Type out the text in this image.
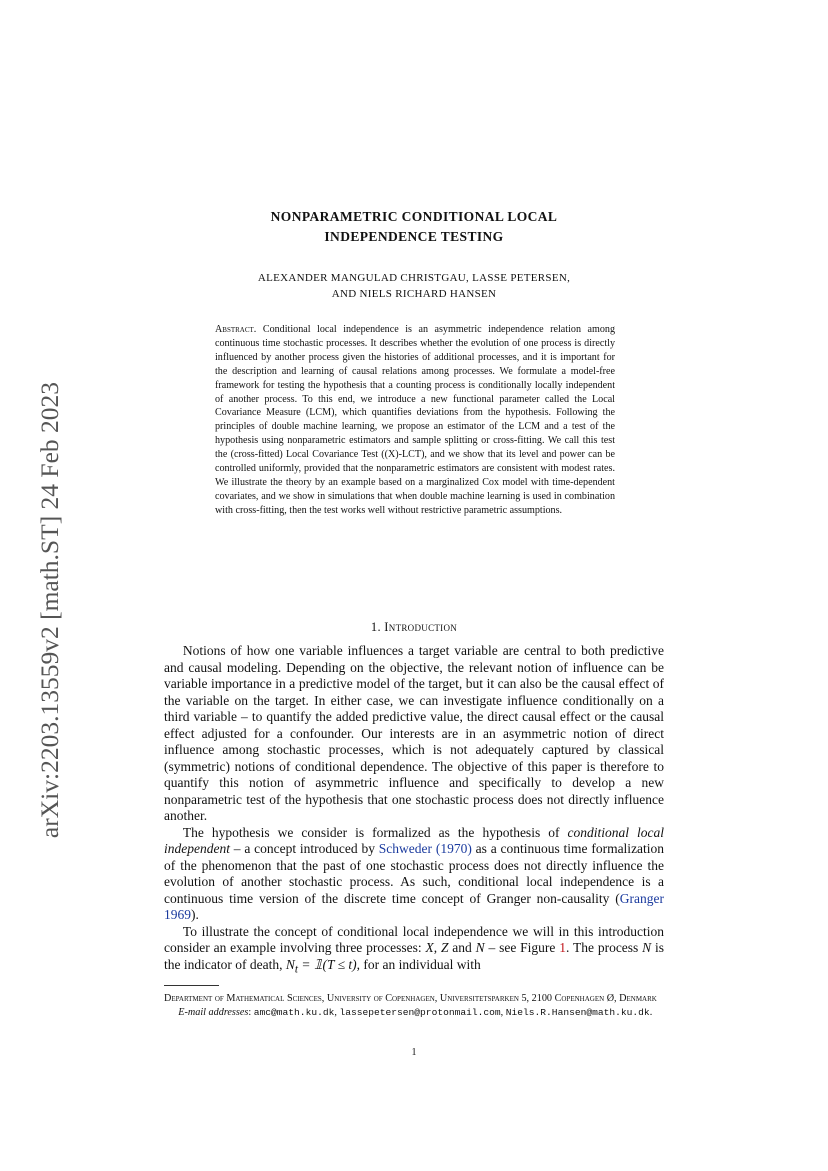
arXiv:2203.13559v2 [math.ST] 24 Feb 2023
NONPARAMETRIC CONDITIONAL LOCAL
INDEPENDENCE TESTING
ALEXANDER MANGULAD CHRISTGAU, LASSE PETERSEN,
AND NIELS RICHARD HANSEN
Abstract. Conditional local independence is an asymmetric independence relation among continuous time stochastic processes. It describes whether the evolution of one process is directly influenced by another process given the histories of additional processes, and it is important for the description and learning of causal relations among processes. We formulate a model-free framework for testing the hypothesis that a counting process is conditionally locally independent of another process. To this end, we introduce a new functional parameter called the Local Covariance Measure (LCM), which quantifies deviations from the hypothesis. Following the principles of double machine learning, we propose an estimator of the LCM and a test of the hypothesis using nonparametric estimators and sample splitting or cross-fitting. We call this test the (cross-fitted) Local Covariance Test ((X)-LCT), and we show that its level and power can be controlled uniformly, provided that the nonparametric estimators are consistent with modest rates. We illustrate the theory by an example based on a marginalized Cox model with time-dependent covariates, and we show in simulations that when double machine learning is used in combination with cross-fitting, then the test works well without restrictive parametric assumptions.
1. Introduction

Notions of how one variable influences a target variable are central to both predictive and causal modeling. Depending on the objective, the relevant notion of influence can be variable importance in a predictive model of the target, but it can also be the causal effect of the variable on the target. In either case, we can investigate influence conditionally on a third variable – to quantify the added predictive value, the direct causal effect or the causal effect adjusted for a confounder. Our interests are in an asymmetric notion of direct influence among stochastic processes, which is not adequately captured by classical (symmetric) notions of conditional dependence. The objective of this paper is therefore to quantify this notion of asymmetric influence and specifically to develop a new nonparametric test of the hypothesis that one stochastic process does not directly influence another.

The hypothesis we consider is formalized as the hypothesis of conditional local independent – a concept introduced by Schweder (1970) as a continuous time formalization of the phenomenon that the past of one stochastic process does not directly influence the evolution of another stochastic process. As such, conditional local independence is a continuous time version of the discrete time concept of Granger non-causality (Granger 1969).

To illustrate the concept of conditional local independence we will in this introduction consider an example involving three processes: X, Z and N – see Figure 1. The process N is the indicator of death, $N_t$ = 𝟙(T ≤ t), for an individual with

Department of Mathematical Sciences, University of Copenhagen, Universitetsparken 5, 2100 Copenhagen Ø, Denmark
E-mail addresses: amc@math.ku.dk, lassepetersen@protonmail.com, Niels.R.Hansen@math.ku.dk.
1
